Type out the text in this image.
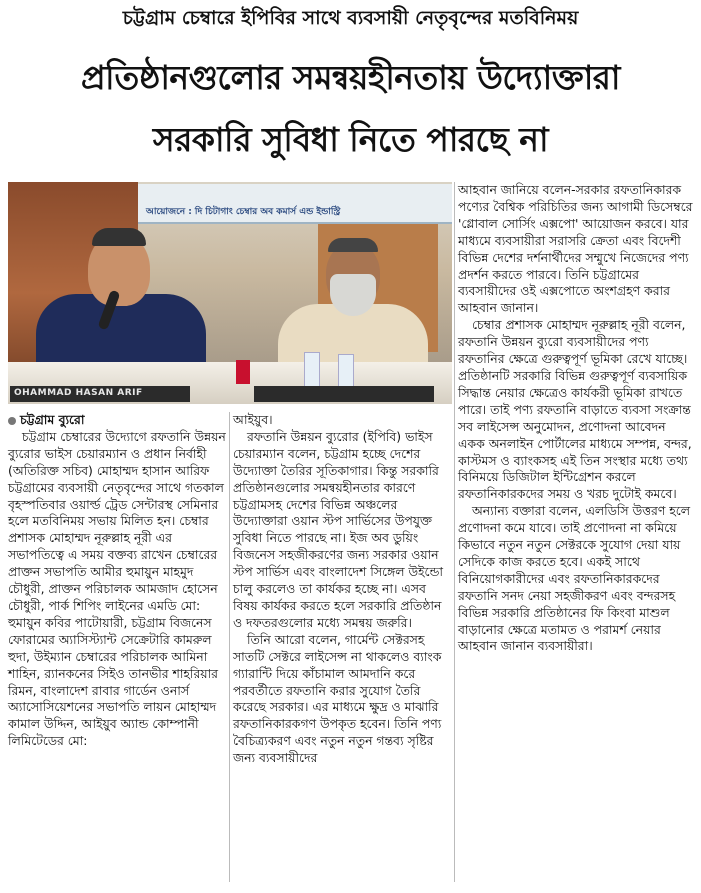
চট্টগ্রাম চেম্বারে ইপিবির সাথে ব্যবসায়ী নেতৃবৃন্দের মতবিনিময়
প্রতিষ্ঠানগুলোর সমন্বয়হীনতায় উদ্যোক্তারা
সরকারি সুবিধা নিতে পারছে না
আয়োজনে : দি চিটাগাং চেম্বার অব কমার্স এন্ড ইন্ডাস্ট্রি
OHAMMAD HASAN ARIF

চট্টগ্রাম ব্যুরো

চট্টগ্রাম চেম্বারের উদ্যোগে রফতানি উন্নয়ন ব্যুরোর ভাইস চেয়ারম্যান ও প্রধান নির্বাহী (অতিরিক্ত সচিব) মোহাম্মদ হাসান আরিফ চট্টগ্রামের ব্যবসায়ী নেতৃবৃন্দের সাথে গতকাল বৃহস্পতিবার ওয়ার্ল্ড ট্রেড সেন্টারস্থ সেমিনার হলে মতবিনিময় সভায় মিলিত হন। চেম্বার প্রশাসক মোহাম্মদ নূরুল্লাহ নূরী এর সভাপতিত্বে এ সময় বক্তব্য রাখেন চেম্বারের প্রাক্তন সভাপতি আমীর হুমায়ুন মাহমুদ চৌধুরী, প্রাক্তন পরিচালক আমজাদ হোসেন চৌধুরী, পার্ক শিপিং লাইনের এমডি মো: হুমায়ুন কবির পাটোয়ারী, চট্টগ্রাম বিজনেস ফোরামের অ্যাসিস্ট্যান্ট সেক্রেটারি কামরুল হুদা, উইম্যান চেম্বারের পরিচালক আমিনা শাহিন, র‍্যানকনের সিইও তানভীর শাহরিয়ার রিমন, বাংলাদেশ রাবার গার্ডেন ওনার্স অ্যাসোসিয়েশনের সভাপতি লায়ন মোহাম্মদ কামাল উদ্দিন, আইয়ুব অ্যান্ড কোম্পানী লিমিটেডের মো:

আইয়ুব।

রফতানি উন্নয়ন ব্যুরোর (ইপিবি) ভাইস চেয়ারম্যান বলেন, চট্টগ্রাম হচ্ছে দেশের উদ্যোক্তা তৈরির সূতিকাগার। কিন্তু সরকারি প্রতিষ্ঠানগুলোর সমন্বয়হীনতার কারণে চট্টগ্রামসহ দেশের বিভিন্ন অঞ্চলের উদ্যোক্তারা ওয়ান স্টপ সার্ভিসের উপযুক্ত সুবিধা নিতে পারছে না। ইজ অব ডুয়িং বিজনেস সহজীকরণের জন্য সরকার ওয়ান স্টপ সার্ভিস এবং বাংলাদেশ সিঙ্গেল উইন্ডো চালু করলেও তা কার্যকর হচ্ছে না। এসব বিষয় কার্যকর করতে হলে সরকারি প্রতিষ্ঠান ও দফতরগুলোর মধ্যে সমন্বয় জরুরি।

তিনি আরো বলেন, গার্মেন্ট সেক্টরসহ সাতটি সেক্টরে লাইসেন্স না থাকলেও ব্যাংক গ্যারান্টি দিয়ে কাঁচামাল আমদানি করে পরবর্তীতে রফতানি করার সুযোগ তৈরি করেছে সরকার। এর মাধ্যমে ক্ষুদ্র ও মাঝারি রফতানিকারকগণ উপকৃত হবেন। তিনি পণ্য বৈচিত্র্যকরণ এবং নতুন নতুন গন্তব্য সৃষ্টির জন্য ব্যবসায়ীদের

আহবান জানিয়ে বলেন-সরকার রফতানিকারক পণ্যের বৈশ্বিক পরিচিতির জন্য আগামী ডিসেম্বরে 'গ্লোবাল সোর্সিং এক্সপো' আয়োজন করবে। যার মাধ্যমে ব্যবসায়ীরা সরাসরি ক্রেতা এবং বিদেশী বিভিন্ন দেশের দর্শনার্থীদের সম্মুখে নিজেদের পণ্য প্রদর্শন করতে পারবে। তিনি চট্টগ্রামের ব্যবসায়ীদের ওই এক্সপোতে অংশগ্রহণ করার আহবান জানান।

চেম্বার প্রশাসক মোহাম্মদ নূরুল্লাহ নূরী বলেন, রফতানি উন্নয়ন ব্যুরো ব্যবসায়ীদের পণ্য রফতানির ক্ষেত্রে গুরুত্বপূর্ণ ভূমিকা রেখে যাচ্ছে। প্রতিষ্ঠানটি সরকারি বিভিন্ন গুরুত্বপূর্ণ ব্যবসায়িক সিদ্ধান্ত নেয়ার ক্ষেত্রেও কার্যকরী ভূমিকা রাখতে পারে। তাই পণ্য রফতানি বাড়াতে ব্যবসা সংক্রান্ত সব লাইসেন্স অনুমোদন, প্রণোদনা আবেদন একক অনলাইন পোর্টালের মাধ্যমে সম্পন্ন, বন্দর, কাস্টমস ও ব্যাংকসহ এই তিন সংস্থার মধ্যে তথ্য বিনিময়ে ডিজিটাল ইন্টিগ্রেশন করলে রফতানিকারকদের সময় ও খরচ দুটোই কমবে।

অন্যান্য বক্তারা বলেন, এলডিসি উত্তরণ হলে প্রণোদনা কমে যাবে। তাই প্রণোদনা না কমিয়ে কিভাবে নতুন নতুন সেক্টরকে সুযোগ দেয়া যায় সেদিকে কাজ করতে হবে। একই সাথে বিনিয়োগকারীদের এবং রফতানিকারকদের রফতানি সনদ নেয়া সহজীকরণ এবং বন্দরসহ বিভিন্ন সরকারি প্রতিষ্ঠানের ফি কিংবা মাশুল বাড়ানোর ক্ষেত্রে মতামত ও পরামর্শ নেয়ার আহবান জানান ব্যবসায়ীরা।
